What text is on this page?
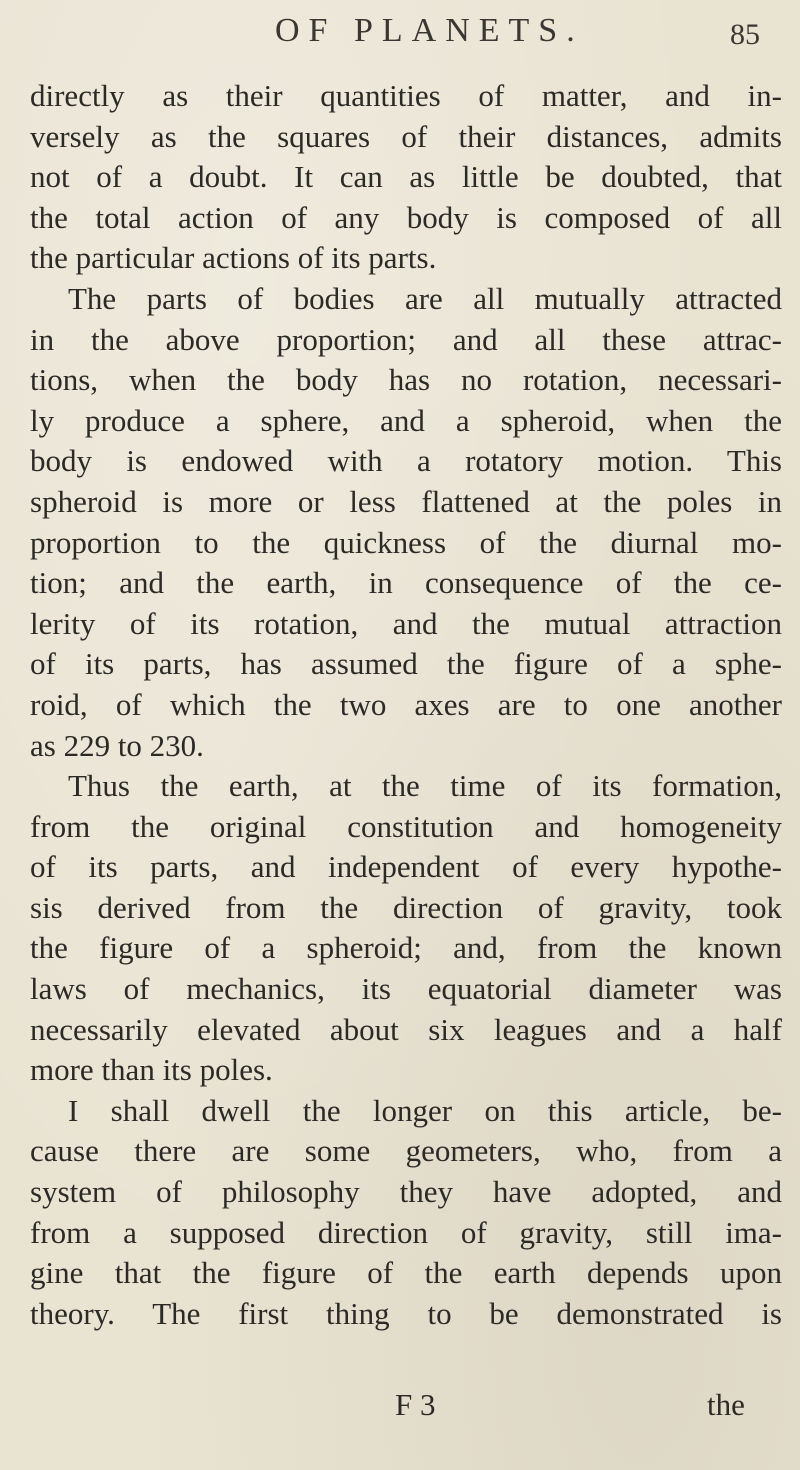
OF PLANETS.	85
directly as their quantities of matter, and in-
versely as the squares of their distances, admits
not of a doubt. It can as little be doubted, that
the total action of any body is composed of all
the particular actions of its parts.
The parts of bodies are all mutually attracted
in the above proportion; and all these attrac-
tions, when the body has no rotation, necessari-
ly produce a sphere, and a spheroid, when the
body is endowed with a rotatory motion. This
spheroid is more or less flattened at the poles in
proportion to the quickness of the diurnal mo-
tion; and the earth, in consequence of the ce-
lerity of its rotation, and the mutual attraction
of its parts, has assumed the figure of a sphe-
roid, of which the two axes are to one another
as 229 to 230.
Thus the earth, at the time of its formation,
from the original constitution and homogeneity
of its parts, and independent of every hypothe-
sis derived from the direction of gravity, took
the figure of a spheroid; and, from the known
laws of mechanics, its equatorial diameter was
necessarily elevated about six leagues and a half
more than its poles.
I shall dwell the longer on this article, be-
cause there are some geometers, who, from a
system of philosophy they have adopted, and
from a supposed direction of gravity, still ima-
gine that the figure of the earth depends upon
theory. The first thing to be demonstrated is
F 3	the
